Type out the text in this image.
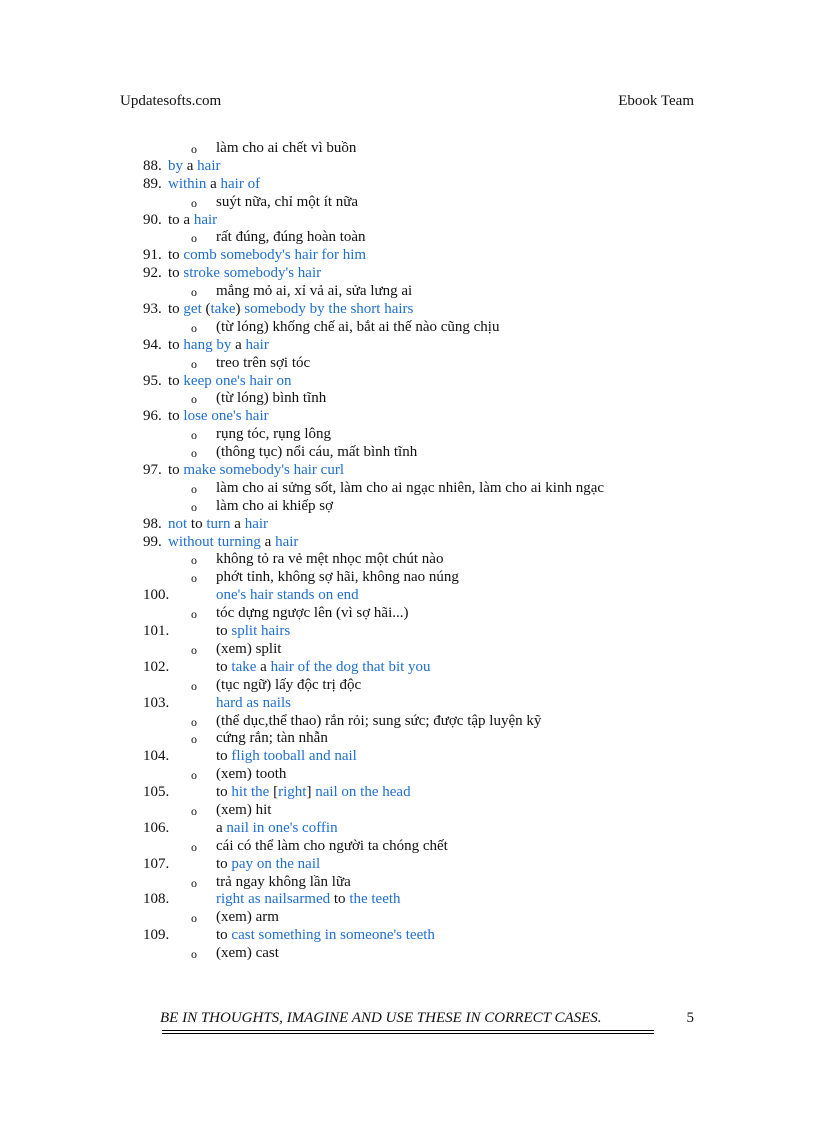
Updatesofts.com	Ebook Team
o làm cho ai chết vì buồn
88. by a hair
89. within a hair of
o suýt nữa, chỉ một ít nữa
90. to a hair
o rất đúng, đúng hoàn toàn
91. to comb somebody's hair for him
92. to stroke somebody's hair
o mắng mỏ ai, xỉ vả ai, sửa lưng ai
93. to get (take) somebody by the short hairs
o (từ lóng) khống chế ai, bắt ai thế nào cũng chịu
94. to hang by a hair
o treo trên sợi tóc
95. to keep one's hair on
o (từ lóng) bình tĩnh
96. to lose one's hair
o rụng tóc, rụng lông
o (thông tục) nổi cáu, mất bình tĩnh
97. to make somebody's hair curl
o làm cho ai sửng sốt, làm cho ai ngạc nhiên, làm cho ai kinh ngạc
o làm cho ai khiếp sợ
98. not to turn a hair
99. without turning a hair
o không tỏ ra vẻ mệt nhọc một chút nào
o phớt tỉnh, không sợ hãi, không nao núng
100.	one's hair stands on end
o tóc dựng ngược lên (vì sợ hãi...)
101.	to split hairs
o (xem) split
102.	to take a hair of the dog that bit you
o (tục ngữ) lấy độc trị độc
103.	hard as nails
o (thể dục,thể thao) rắn rỏi; sung sức; được tập luyện kỹ
o cứng rắn; tàn nhẫn
104.	to fligh tooball and nail
o (xem) tooth
105.	to hit the [right] nail on the head
o (xem) hit
106.	a nail in one's coffin
o cái có thể làm cho người ta chóng chết
107.	to pay on the nail
o trả ngay không lần lữa
108.	right as nailsarmed to the teeth
o (xem) arm
109.	to cast something in someone's teeth
o (xem) cast
BE IN THOUGHTS, IMAGINE AND USE THESE IN CORRECT CASES.	5
